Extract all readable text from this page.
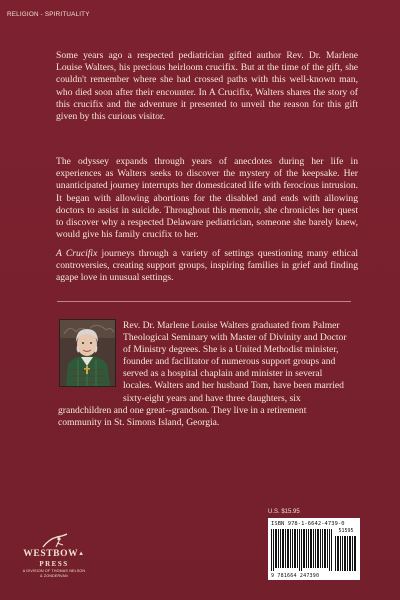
RELIGION - SPIRITUALITY

Some years ago a respected pediatrician gifted author Rev. Dr. Marlene Louise Walters, his precious heirloom crucifix. But at the time of the gift, she couldn't remember where she had crossed paths with this well-known man, who died soon after their encounter. In A Crucifix, Walters shares the story of this crucifix and the adventure it presented to unveil the reason for this gift given by this curious visitor.

The odyssey expands through years of anecdotes during her life in experiences as Walters seeks to discover the mystery of the keepsake. Her unanticipated journey interrupts her domesticated life with ferocious intrusion. It began with allowing abortions for the disabled and ends with allowing doctors to assist in suicide. Throughout this memoir, she chronicles her quest to discover why a respected Delaware pediatrician, someone she barely knew, would give his family crucifix to her.

A Crucifix journeys through a variety of settings questioning many ethical controversies, creating support groups, inspiring families in grief and finding agape love in unusual settings.

Rev. Dr. Marlene Louise Walters graduated from Palmer Theological Seminary with Master of Divinity and Doctor of Ministry degrees. She is a United Methodist minister, founder and facilitator of numerous support groups and served as a hospital chaplain and minister in several locales. Walters and her husband Tom, have been married sixty-eight years and have three daughters, six grandchildren and one great--grandson. They live in a retirement community in St. Simons Island, Georgia.

U.S. $15.95
ISBN 978-1-6642-4739-0
51595
9 781664 247390
WESTBOW▲
PRESS
A DIVISION OF THOMAS NELSON
& ZONDERVAN
